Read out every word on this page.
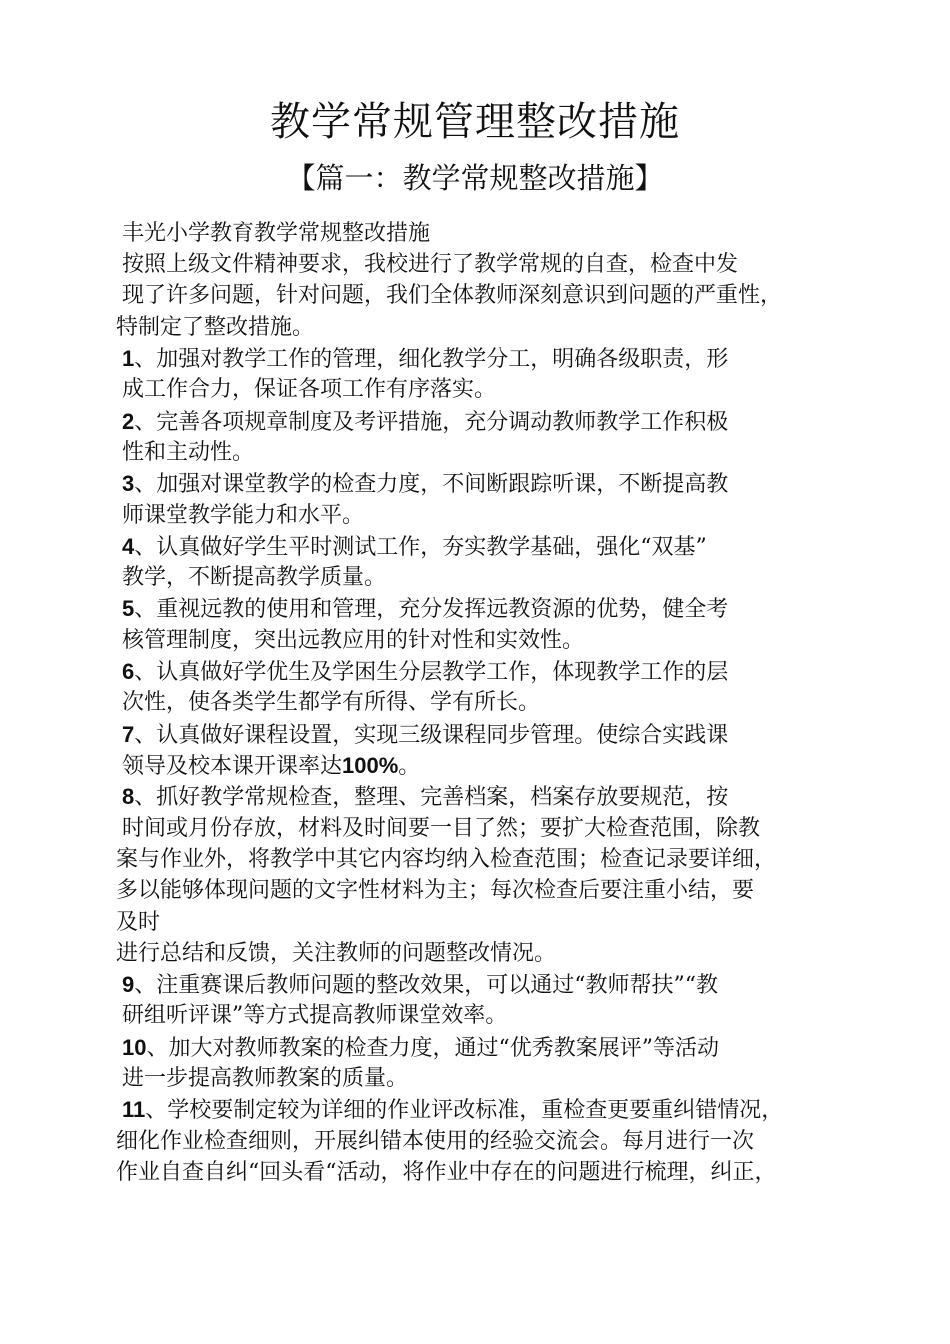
教学常规管理整改措施
【篇一：教学常规整改措施】
丰光小学教育教学常规整改措施
按照上级文件精神要求，我校进行了教学常规的自查，检查中发
现了许多问题，针对问题，我们全体教师深刻意识到问题的严重性，
特制定了整改措施。
1、加强对教学工作的管理，细化教学分工，明确各级职责，形
成工作合力，保证各项工作有序落实。
2、完善各项规章制度及考评措施，充分调动教师教学工作积极
性和主动性。
3、加强对课堂教学的检查力度，不间断跟踪听课，不断提高教
师课堂教学能力和水平。
4、认真做好学生平时测试工作，夯实教学基础，强化“双基”
教学，不断提高教学质量。
5、重视远教的使用和管理，充分发挥远教资源的优势，健全考
核管理制度，突出远教应用的针对性和实效性。
6、认真做好学优生及学困生分层教学工作，体现教学工作的层
次性，使各类学生都学有所得、学有所长。
7、认真做好课程设置，实现三级课程同步管理。使综合实践课
领导及校本课开课率达100%。
8、抓好教学常规检查，整理、完善档案，档案存放要规范，按
时间或月份存放，材料及时间要一目了然；要扩大检查范围，除教
案与作业外，将教学中其它内容均纳入检查范围；检查记录要详细，
多以能够体现问题的文字性材料为主；每次检查后要注重小结，要
及时
进行总结和反馈，关注教师的问题整改情况。
9、注重赛课后教师问题的整改效果，可以通过“教师帮扶”“教
研组听评课”等方式提高教师课堂效率。
10、加大对教师教案的检查力度，通过“优秀教案展评”等活动
进一步提高教师教案的质量。
11、学校要制定较为详细的作业评改标准，重检查更要重纠错情况，
细化作业检查细则，开展纠错本使用的经验交流会。每月进行一次
作业自查自纠“回头看“活动，将作业中存在的问题进行梳理，纠正，
